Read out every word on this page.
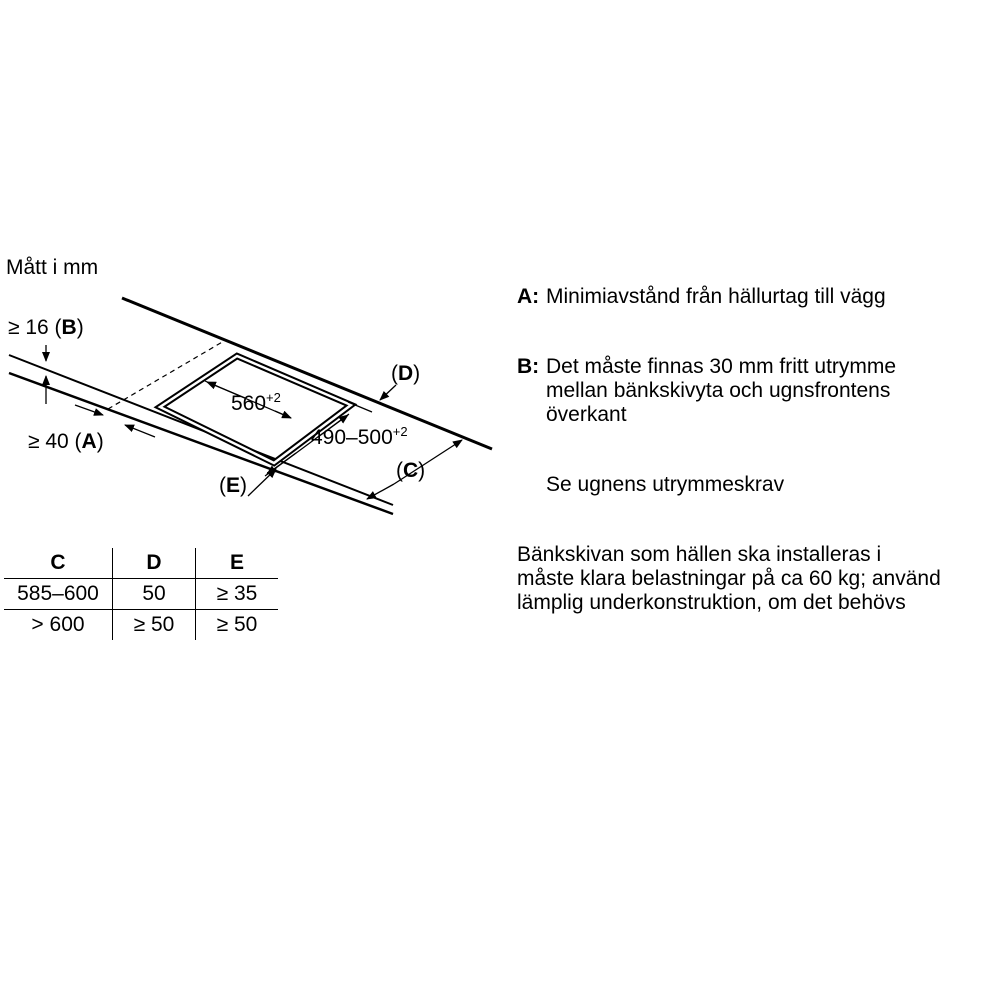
Mått i mm
≥ 16 (B)
≥ 40 (A)
(D)
(E)
(C)
$560^{+2}$
$490-500^{+2}$
C	D	E
585–600	50	≥ 35
> 600	≥ 50	≥ 50
A: Minimiavstånd från hällurtag till vägg
B: Det måste finnas 30 mm fritt utrymme
mellan bänkskivyta och ugnsfrontens
överkant
Se ugnens utrymmeskrav
Bänkskivan som hällen ska installeras i
måste klara belastningar på ca 60 kg; använd
lämplig underkonstruktion, om det behövs
